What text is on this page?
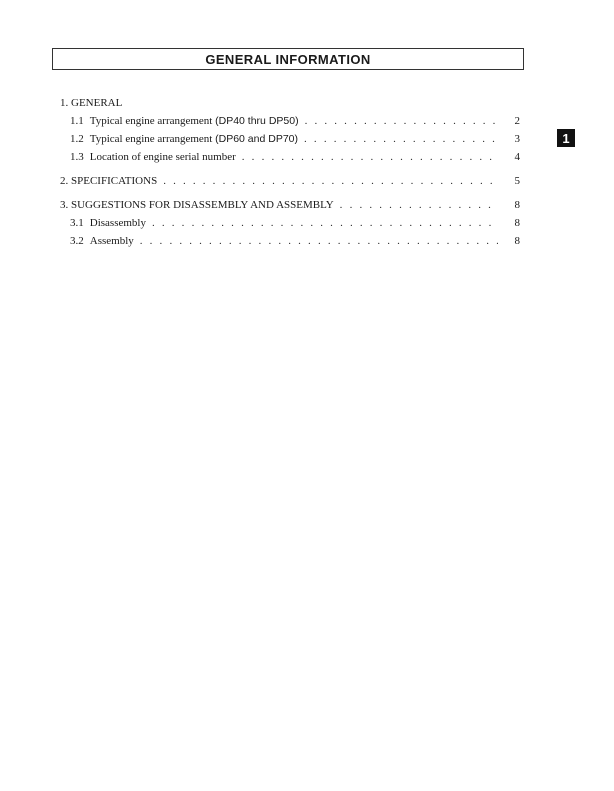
GENERAL INFORMATION
1
1. GENERAL
1.1 Typical engine arrangement
(DP40 thru DP50) . . .	2
1.2 Typical engine arrangement
(DP60 and DP70) . . .	3
1.3 Location of engine serial number . . .	4
2. SPECIFICATIONS . . .	5
3. SUGGESTIONS FOR DISASSEMBLY AND ASSEMBLY . . .	8
3.1 Disassembly . . .	8
3.2 Assembly . . .	8
